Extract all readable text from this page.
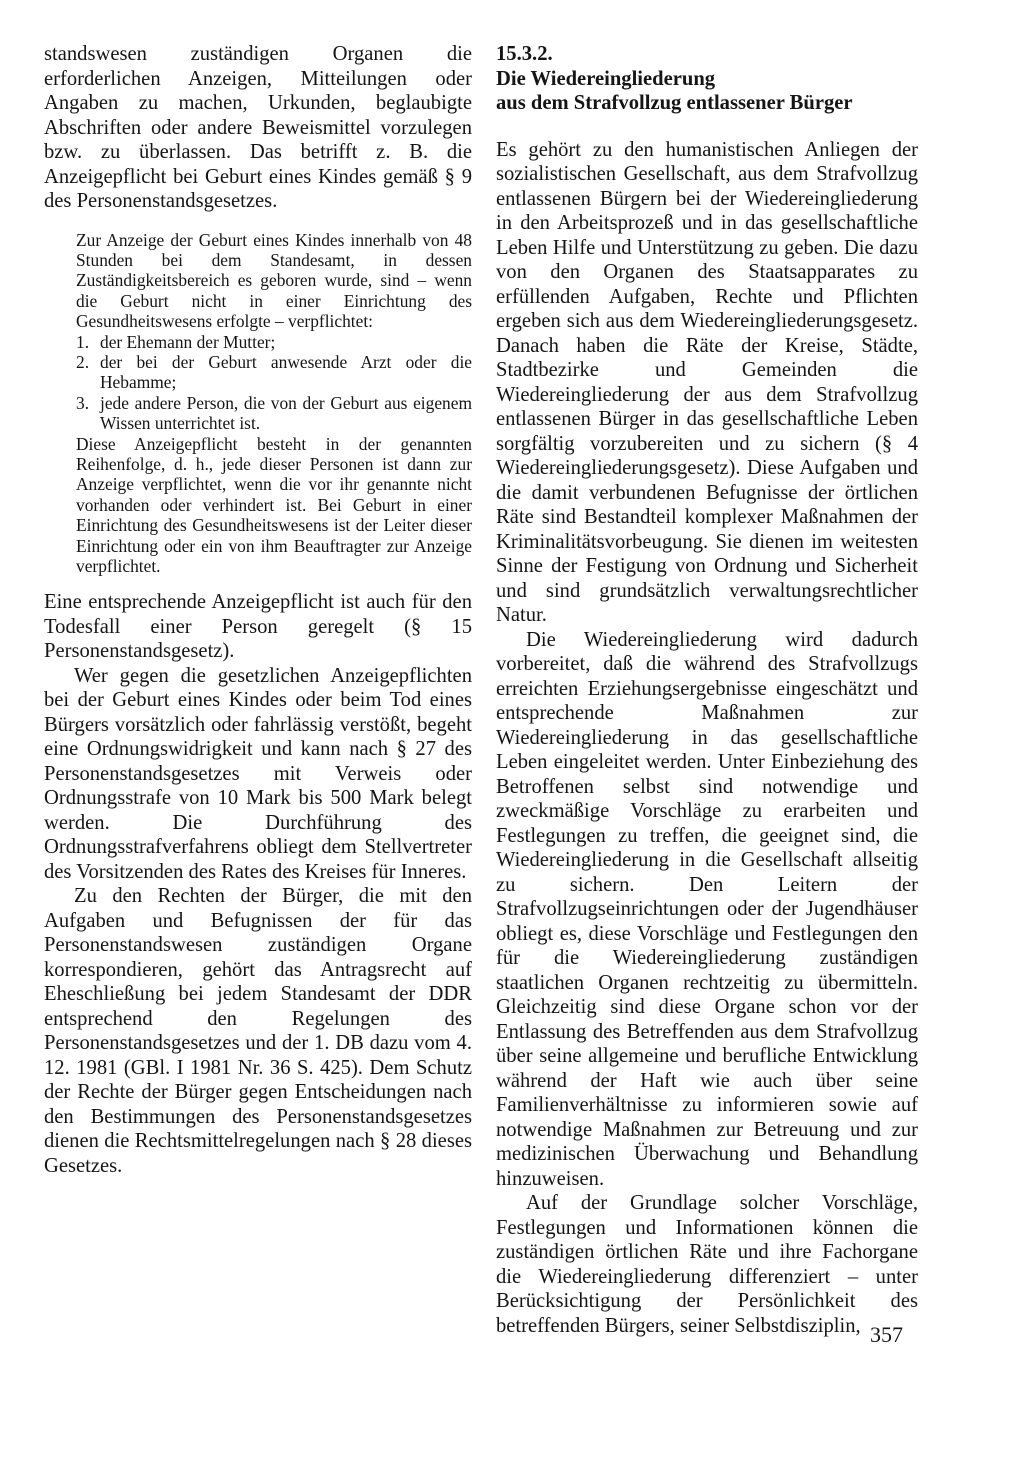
standswesen zuständigen Organen die erforderlichen Anzeigen, Mitteilungen oder Angaben zu machen, Urkunden, beglaubigte Abschriften oder andere Beweismittel vorzulegen bzw. zu überlassen. Das betrifft z. B. die Anzeigepflicht bei Geburt eines Kindes gemäß § 9 des Personenstandsgesetzes.

Zur Anzeige der Geburt eines Kindes innerhalb von 48 Stunden bei dem Standesamt, in dessen Zuständigkeitsbereich es geboren wurde, sind – wenn die Geburt nicht in einer Einrichtung des Gesundheitswesens erfolgte – verpflichtet:

1. der Ehemann der Mutter;
2. der bei der Geburt anwesende Arzt oder die Hebamme;
3. jede andere Person, die von der Geburt aus eigenem Wissen unterrichtet ist.

Diese Anzeigepflicht besteht in der genannten Reihenfolge, d. h., jede dieser Personen ist dann zur Anzeige verpflichtet, wenn die vor ihr genannte nicht vorhanden oder verhindert ist. Bei Geburt in einer Einrichtung des Gesundheitswesens ist der Leiter dieser Einrichtung oder ein von ihm Beauftragter zur Anzeige verpflichtet.

Eine entsprechende Anzeigepflicht ist auch für den Todesfall einer Person geregelt (§ 15 Personenstandsgesetz).

Wer gegen die gesetzlichen Anzeigepflichten bei der Geburt eines Kindes oder beim Tod eines Bürgers vorsätzlich oder fahrlässig verstößt, begeht eine Ordnungswidrigkeit und kann nach § 27 des Personenstandsgesetzes mit Verweis oder Ordnungsstrafe von 10 Mark bis 500 Mark belegt werden. Die Durchführung des Ordnungsstrafverfahrens obliegt dem Stellvertreter des Vorsitzenden des Rates des Kreises für Inneres.

Zu den Rechten der Bürger, die mit den Aufgaben und Befugnissen der für das Personenstandswesen zuständigen Organe korrespondieren, gehört das Antragsrecht auf Eheschließung bei jedem Standesamt der DDR entsprechend den Regelungen des Personenstandsgesetzes und der 1. DB dazu vom 4. 12. 1981 (GBl. I 1981 Nr. 36 S. 425). Dem Schutz der Rechte der Bürger gegen Entscheidungen nach den Bestimmungen des Personenstandsgesetzes dienen die Rechtsmittelregelungen nach § 28 dieses Gesetzes.

15.3.2.
Die Wiedereingliederung
aus dem Strafvollzug entlassener Bürger

Es gehört zu den humanistischen Anliegen der sozialistischen Gesellschaft, aus dem Strafvollzug entlassenen Bürgern bei der Wiedereingliederung in den Arbeitsprozeß und in das gesellschaftliche Leben Hilfe und Unterstützung zu geben. Die dazu von den Organen des Staatsapparates zu erfüllenden Aufgaben, Rechte und Pflichten ergeben sich aus dem Wiedereingliederungsgesetz. Danach haben die Räte der Kreise, Städte, Stadtbezirke und Gemeinden die Wiedereingliederung der aus dem Strafvollzug entlassenen Bürger in das gesellschaftliche Leben sorgfältig vorzubereiten und zu sichern (§ 4 Wiedereingliederungsgesetz). Diese Aufgaben und die damit verbundenen Befugnisse der örtlichen Räte sind Bestandteil komplexer Maßnahmen der Kriminalitätsvorbeugung. Sie dienen im weitesten Sinne der Festigung von Ordnung und Sicherheit und sind grundsätzlich verwaltungsrechtlicher Natur.

Die Wiedereingliederung wird dadurch vorbereitet, daß die während des Strafvollzugs erreichten Erziehungsergebnisse eingeschätzt und entsprechende Maßnahmen zur Wiedereingliederung in das gesellschaftliche Leben eingeleitet werden. Unter Einbeziehung des Betroffenen selbst sind notwendige und zweckmäßige Vorschläge zu erarbeiten und Festlegungen zu treffen, die geeignet sind, die Wiedereingliederung in die Gesellschaft allseitig zu sichern. Den Leitern der Strafvollzugseinrichtungen oder der Jugendhäuser obliegt es, diese Vorschläge und Festlegungen den für die Wiedereingliederung zuständigen staatlichen Organen rechtzeitig zu übermitteln. Gleichzeitig sind diese Organe schon vor der Entlassung des Betreffenden aus dem Strafvollzug über seine allgemeine und berufliche Entwicklung während der Haft wie auch über seine Familienverhältnisse zu informieren sowie auf notwendige Maßnahmen zur Betreuung und zur medizinischen Überwachung und Behandlung hinzuweisen.

Auf der Grundlage solcher Vorschläge, Festlegungen und Informationen können die zuständigen örtlichen Räte und ihre Fachorgane die Wiedereingliederung differenziert – unter Berücksichtigung der Persönlichkeit des betreffenden Bürgers, seiner Selbstdisziplin, 357
